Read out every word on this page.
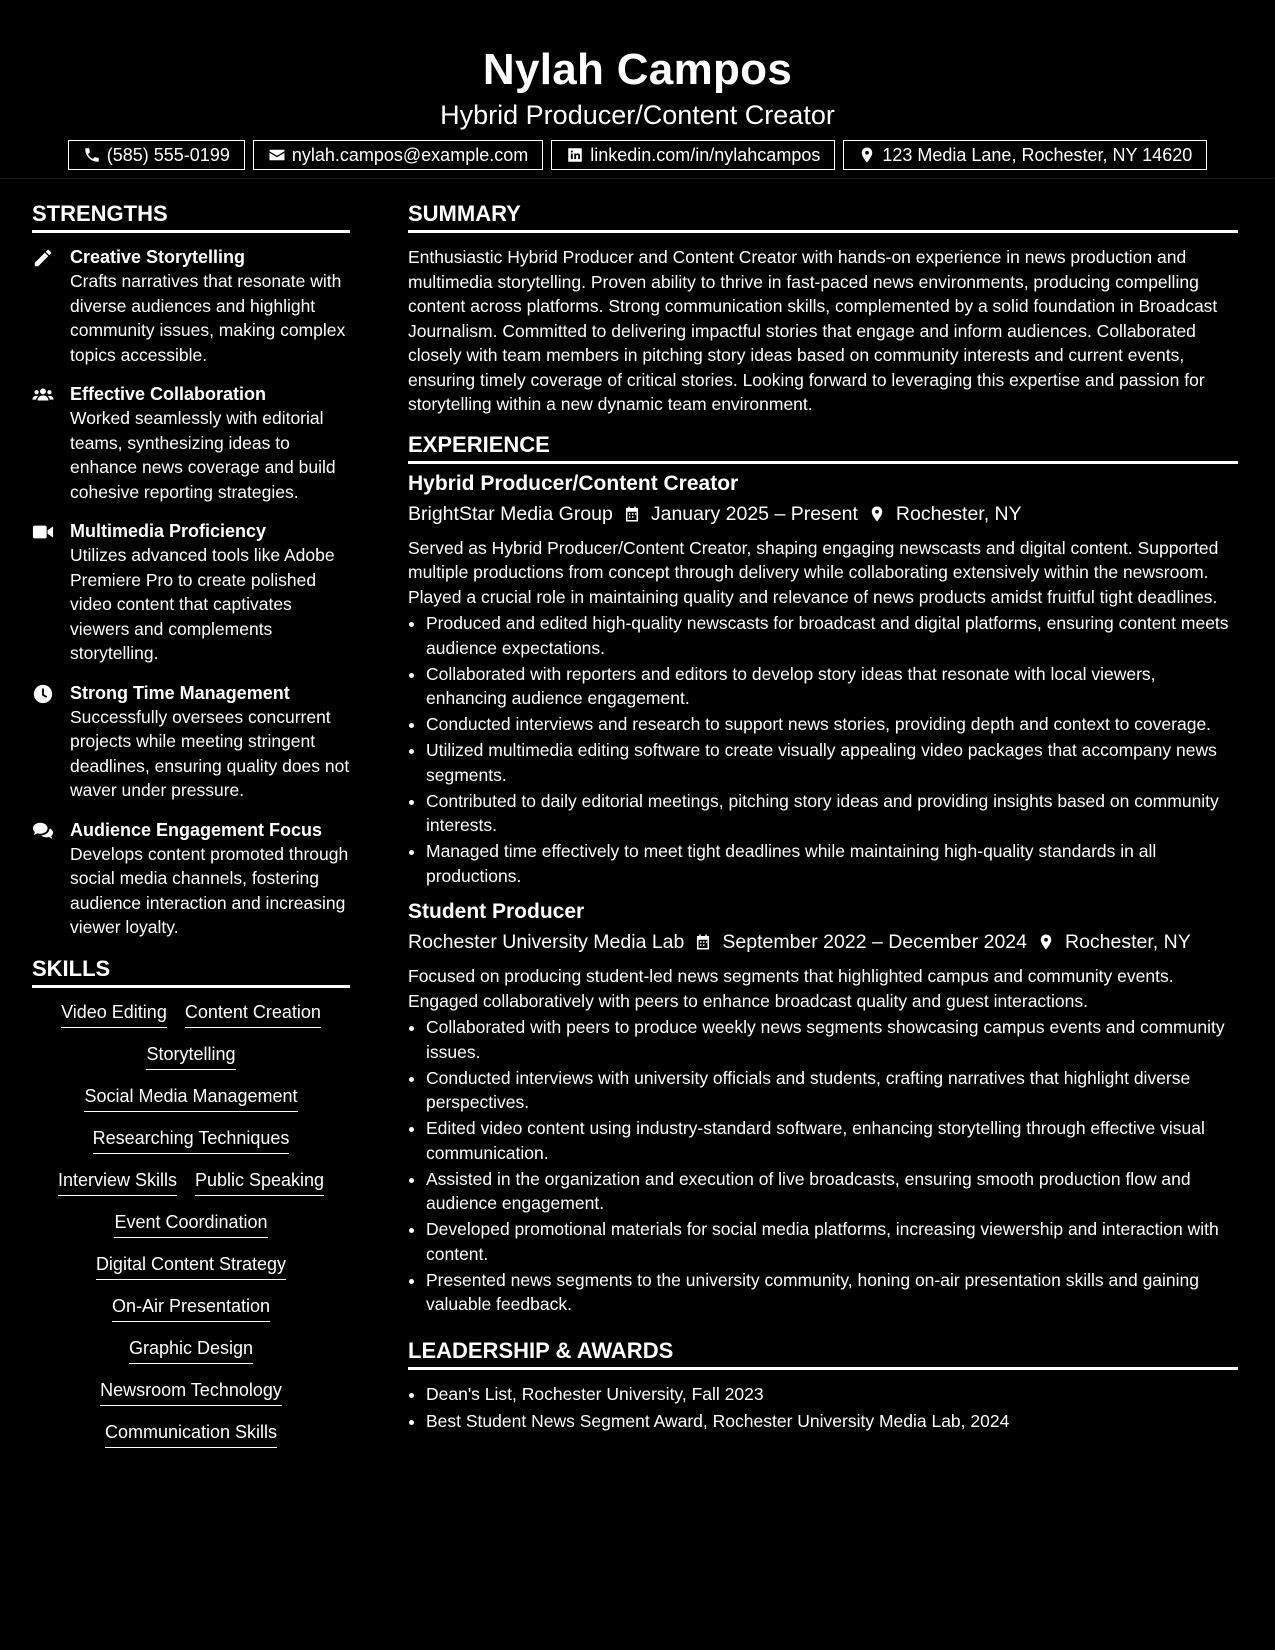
Nylah Campos
Hybrid Producer/Content Creator
(585) 555-0199	nylah.campos@example.com	linkedin.com/in/nylahcampos	123 Media Lane, Rochester, NY 14620
STRENGTHS
Creative Storytelling
Crafts narratives that resonate with diverse audiences and highlight community issues, making complex topics accessible.
Effective Collaboration
Worked seamlessly with editorial teams, synthesizing ideas to enhance news coverage and build cohesive reporting strategies.
Multimedia Proficiency
Utilizes advanced tools like Adobe Premiere Pro to create polished video content that captivates viewers and complements storytelling.
Strong Time Management
Successfully oversees concurrent projects while meeting stringent deadlines, ensuring quality does not waver under pressure.
Audience Engagement Focus
Develops content promoted through social media channels, fostering audience interaction and increasing viewer loyalty.
SKILLS
Video Editing Content Creation
Storytelling
Social Media Management
Researching Techniques
Interview Skills Public Speaking
Event Coordination
Digital Content Strategy
On-Air Presentation
Graphic Design
Newsroom Technology
Communication Skills
SUMMARY
Enthusiastic Hybrid Producer and Content Creator with hands-on experience in news production and multimedia storytelling. Proven ability to thrive in fast-paced news environments, producing compelling content across platforms. Strong communication skills, complemented by a solid foundation in Broadcast Journalism. Committed to delivering impactful stories that engage and inform audiences. Collaborated closely with team members in pitching story ideas based on community interests and current events, ensuring timely coverage of critical stories. Looking forward to leveraging this expertise and passion for storytelling within a new dynamic team environment.
EXPERIENCE
Hybrid Producer/Content Creator
BrightStar Media Group January 2025 – Present Rochester, NY
Served as Hybrid Producer/Content Creator, shaping engaging newscasts and digital content. Supported multiple productions from concept through delivery while collaborating extensively within the newsroom. Played a crucial role in maintaining quality and relevance of news products amidst fruitful tight deadlines.
• Produced and edited high-quality newscasts for broadcast and digital platforms, ensuring content meets audience expectations.
• Collaborated with reporters and editors to develop story ideas that resonate with local viewers, enhancing audience engagement.
• Conducted interviews and research to support news stories, providing depth and context to coverage.
• Utilized multimedia editing software to create visually appealing video packages that accompany news segments.
• Contributed to daily editorial meetings, pitching story ideas and providing insights based on community interests.
• Managed time effectively to meet tight deadlines while maintaining high-quality standards in all productions.
Student Producer
Rochester University Media Lab September 2022 – December 2024 Rochester, NY
Focused on producing student-led news segments that highlighted campus and community events. Engaged collaboratively with peers to enhance broadcast quality and guest interactions.
• Collaborated with peers to produce weekly news segments showcasing campus events and community issues.
• Conducted interviews with university officials and students, crafting narratives that highlight diverse perspectives.
• Edited video content using industry-standard software, enhancing storytelling through effective visual communication.
• Assisted in the organization and execution of live broadcasts, ensuring smooth production flow and audience engagement.
• Developed promotional materials for social media platforms, increasing viewership and interaction with content.
• Presented news segments to the university community, honing on-air presentation skills and gaining valuable feedback.
LEADERSHIP & AWARDS
• Dean's List, Rochester University, Fall 2023
• Best Student News Segment Award, Rochester University Media Lab, 2024
